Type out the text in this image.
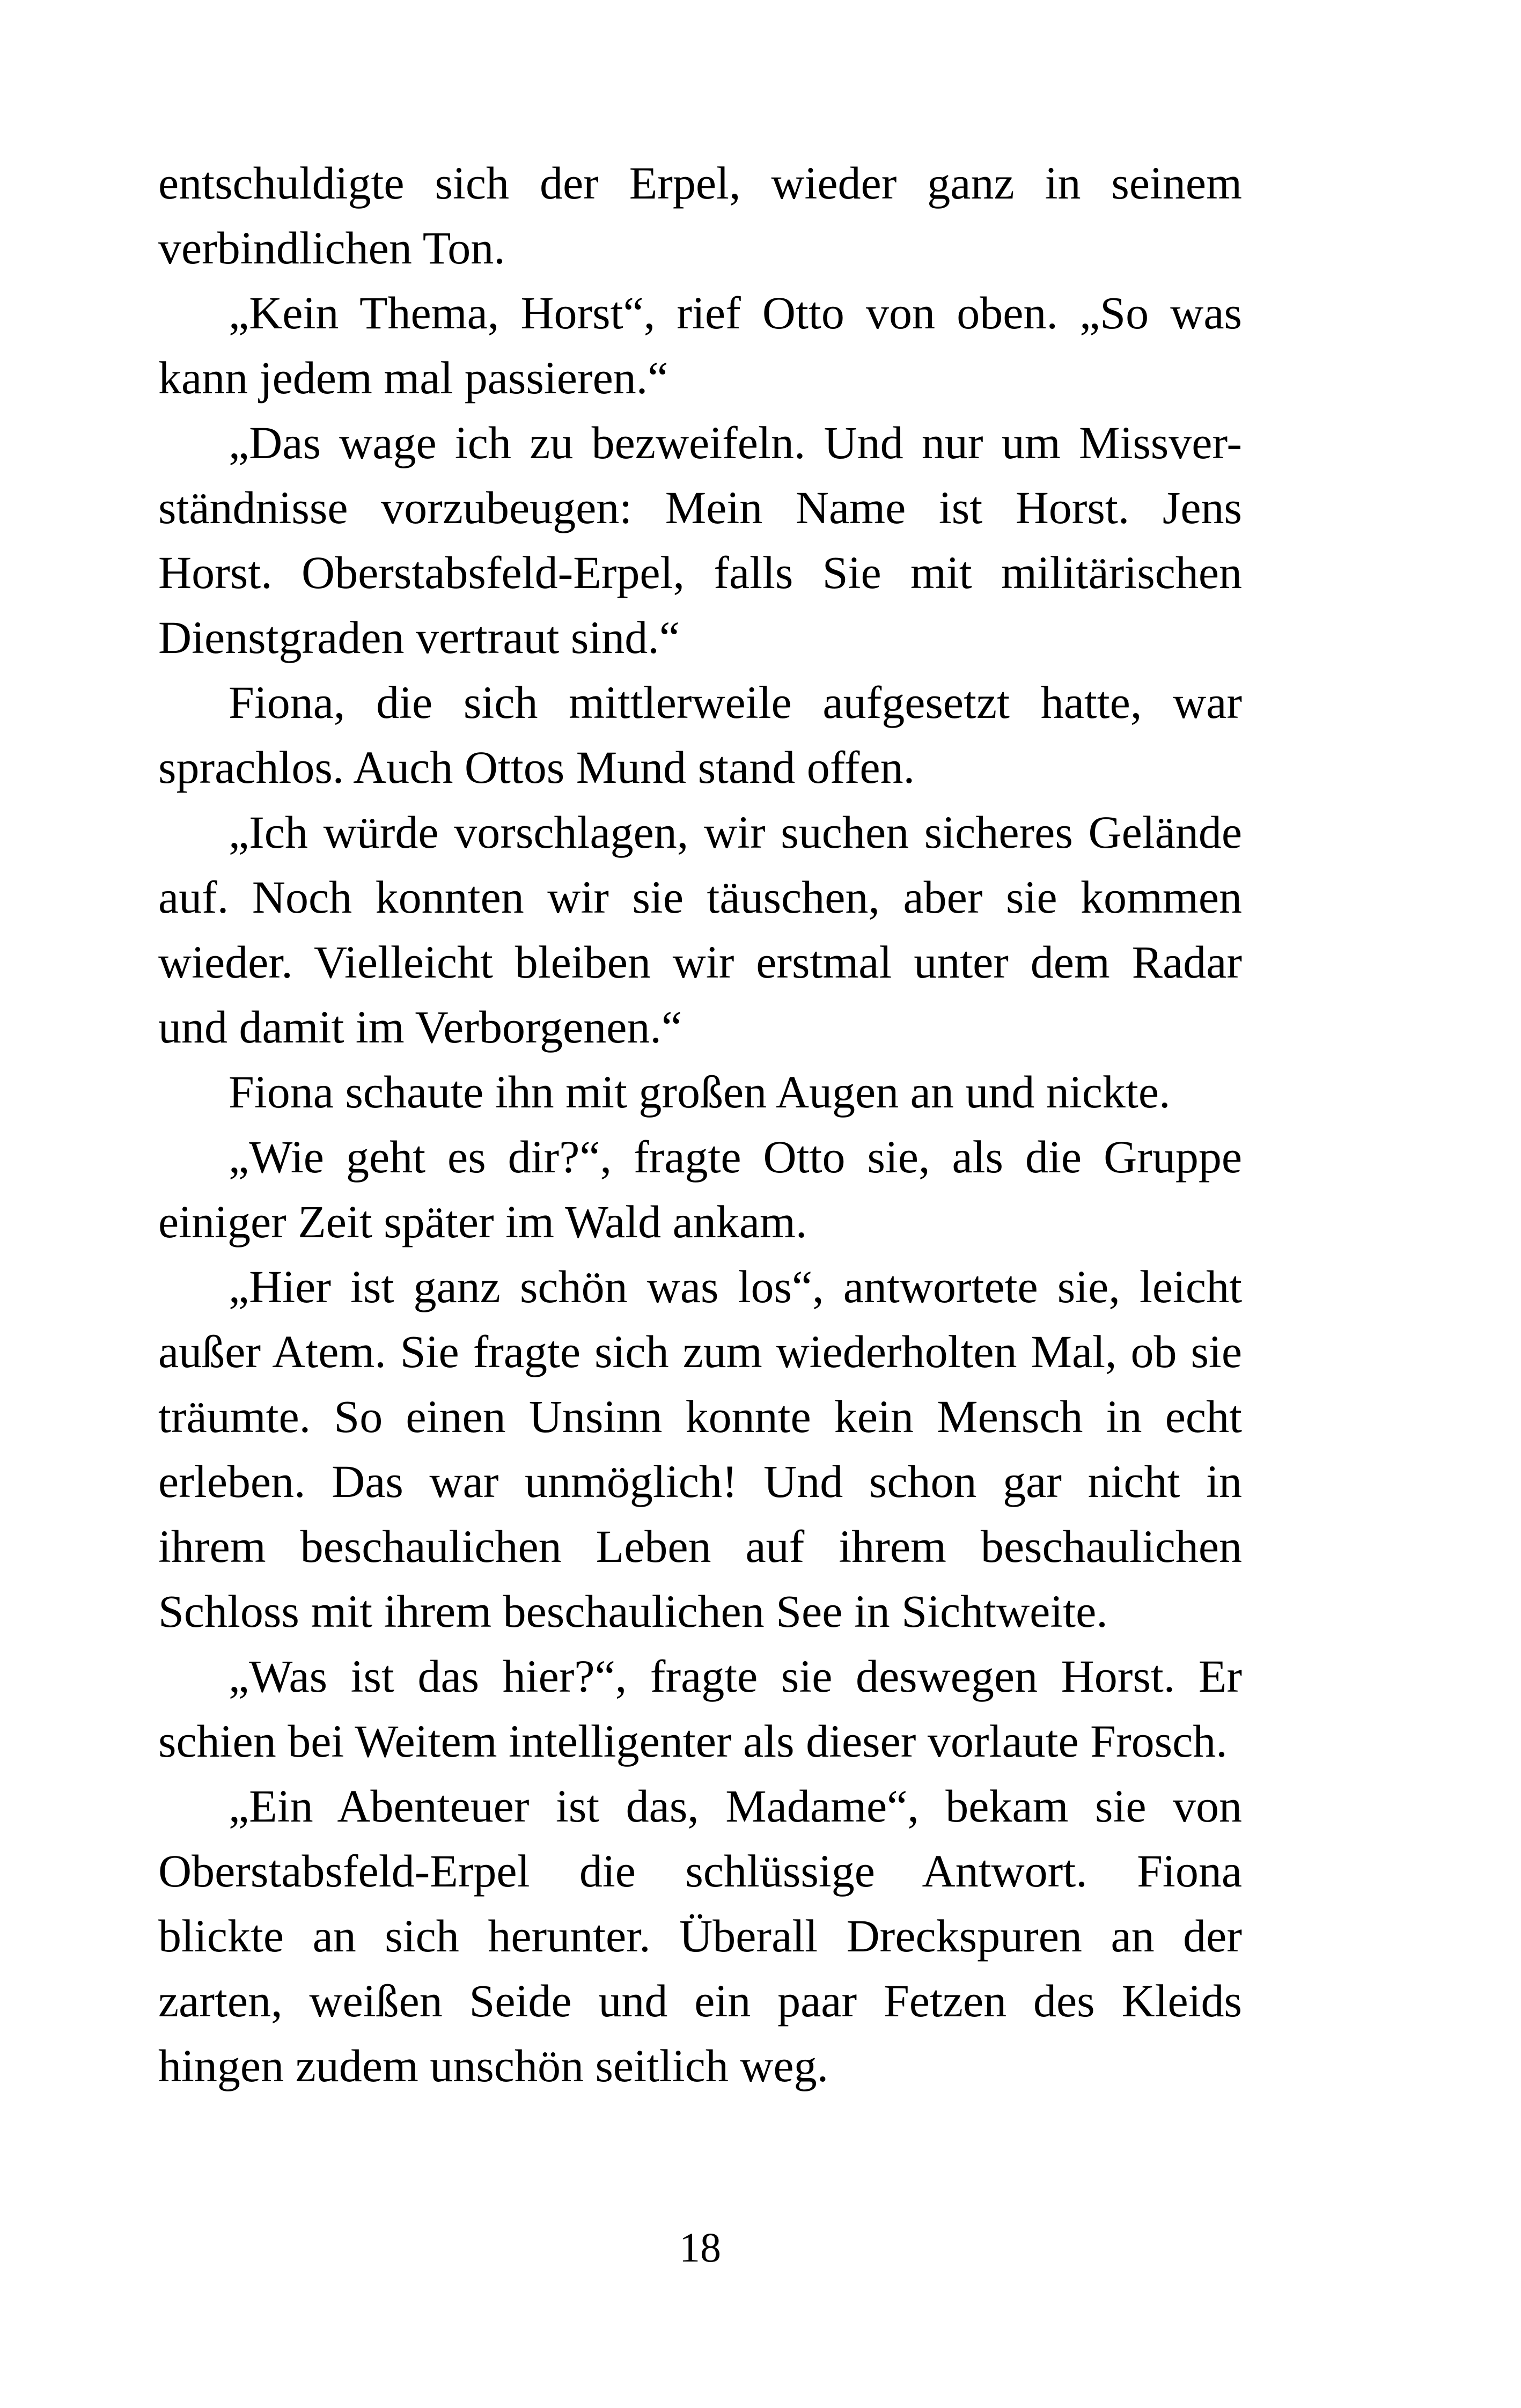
entschuldigte sich der Erpel, wieder ganz in seinem
verbindlichen Ton.
„Kein Thema, Horst“, rief Otto von oben. „So was
kann jedem mal passieren.“
„Das wage ich zu bezweifeln. Und nur um Missver-
ständnisse vorzubeugen: Mein Name ist Horst. Jens
Horst. Oberstabsfeld-Erpel, falls Sie mit militärischen
Dienstgraden vertraut sind.“
Fiona, die sich mittlerweile aufgesetzt hatte, war
sprachlos. Auch Ottos Mund stand offen.
„Ich würde vorschlagen, wir suchen sicheres Gelände
auf. Noch konnten wir sie täuschen, aber sie kommen
wieder. Vielleicht bleiben wir erstmal unter dem Radar
und damit im Verborgenen.“
Fiona schaute ihn mit großen Augen an und nickte.
„Wie geht es dir?“, fragte Otto sie, als die Gruppe
einiger Zeit später im Wald ankam.
„Hier ist ganz schön was los“, antwortete sie, leicht
außer Atem. Sie fragte sich zum wiederholten Mal, ob sie
träumte. So einen Unsinn konnte kein Mensch in echt
erleben. Das war unmöglich! Und schon gar nicht in
ihrem beschaulichen Leben auf ihrem beschaulichen
Schloss mit ihrem beschaulichen See in Sichtweite.
„Was ist das hier?“, fragte sie deswegen Horst. Er
schien bei Weitem intelligenter als dieser vorlaute Frosch.
„Ein Abenteuer ist das, Madame“, bekam sie von
Oberstabsfeld-Erpel die schlüssige Antwort. Fiona
blickte an sich herunter. Überall Dreckspuren an der
zarten, weißen Seide und ein paar Fetzen des Kleids
hingen zudem unschön seitlich weg.
18
